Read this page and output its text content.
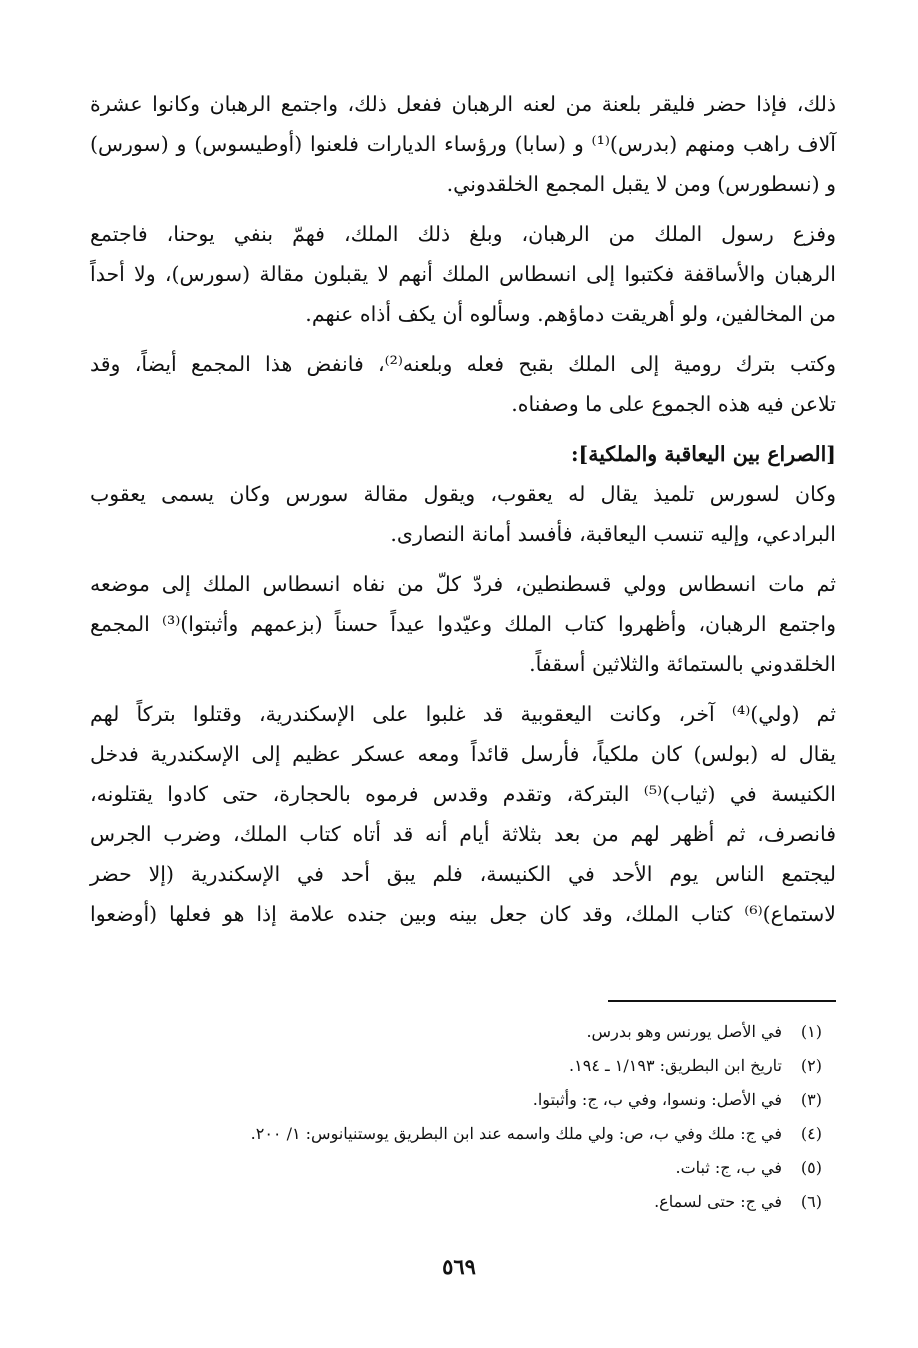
ذلك، فإذا حضر فليقر بلعنة من لعنه الرهبان ففعل ذلك، واجتمع الرهبان وكانوا عشرة
آلاف راهب ومنهم (بدرس)⁽¹⁾ و (سابا) ورؤساء الديارات فلعنوا (أوطيسوس) و (سورس)
و (نسطورس) ومن لا يقبل المجمع الخلقدوني.

وفزع رسول الملك من الرهبان، وبلغ ذلك الملك، فهمّ بنفي يوحنا، فاجتمع
الرهبان والأساقفة فكتبوا إلى انسطاس الملك أنهم لا يقبلون مقالة (سورس)، ولا أحداً
من المخالفين، ولو أهريقت دماؤهم. وسألوه أن يكف أذاه عنهم.

وكتب بترك رومية إلى الملك بقبح فعله وبلعنه⁽²⁾، فانفض هذا المجمع أيضاً، وقد
تلاعن فيه هذه الجموع على ما وصفناه.

[الصراع بين اليعاقبة والملكية]:

وكان لسورس تلميذ يقال له يعقوب، ويقول مقالة سورس وكان يسمى يعقوب
البرادعي، وإليه تنسب اليعاقبة، فأفسد أمانة النصارى.

ثم مات انسطاس وولي قسطنطين، فردّ كلّ من نفاه انسطاس الملك إلى موضعه
واجتمع الرهبان، وأظهروا كتاب الملك وعيّدوا عيداً حسناً (بزعمهم وأثبتوا)⁽³⁾ المجمع
الخلقدوني بالستمائة والثلاثين أسقفاً.

ثم (ولي)⁽⁴⁾ آخر، وكانت اليعقوبية قد غلبوا على الإسكندرية، وقتلوا بتركاً لهم
يقال له (بولس) كان ملكياً، فأرسل قائداً ومعه عسكر عظيم إلى الإسكندرية فدخل
الكنيسة في (ثياب)⁽⁵⁾ البتركة، وتقدم وقدس فرموه بالحجارة، حتى كادوا يقتلونه،
فانصرف، ثم أظهر لهم من بعد بثلاثة أيام أنه قد أتاه كتاب الملك، وضرب الجرس
ليجتمع الناس يوم الأحد في الكنيسة، فلم يبق أحد في الإسكندرية (إلا حضر
لاستماع)⁽⁶⁾ كتاب الملك، وقد كان جعل بينه وبين جنده علامة إذا هو فعلها (أوضعوا

(١)
في الأصل يورنس وهو بدرس.
(٢)
تاريخ ابن البطريق: ١/١٩٣ ـ ١٩٤.
(٣)
في الأصل: ونسوا، وفي ب، ج: وأثبتوا.
(٤)
في ج: ملك وفي ب، ص: ولي ملك واسمه عند ابن البطريق يوستنيانوس: ١/ ٢٠٠.
(٥)
في ب، ج: ثبات.
(٦)
في ج: حتى لسماع.
٥٦٩
